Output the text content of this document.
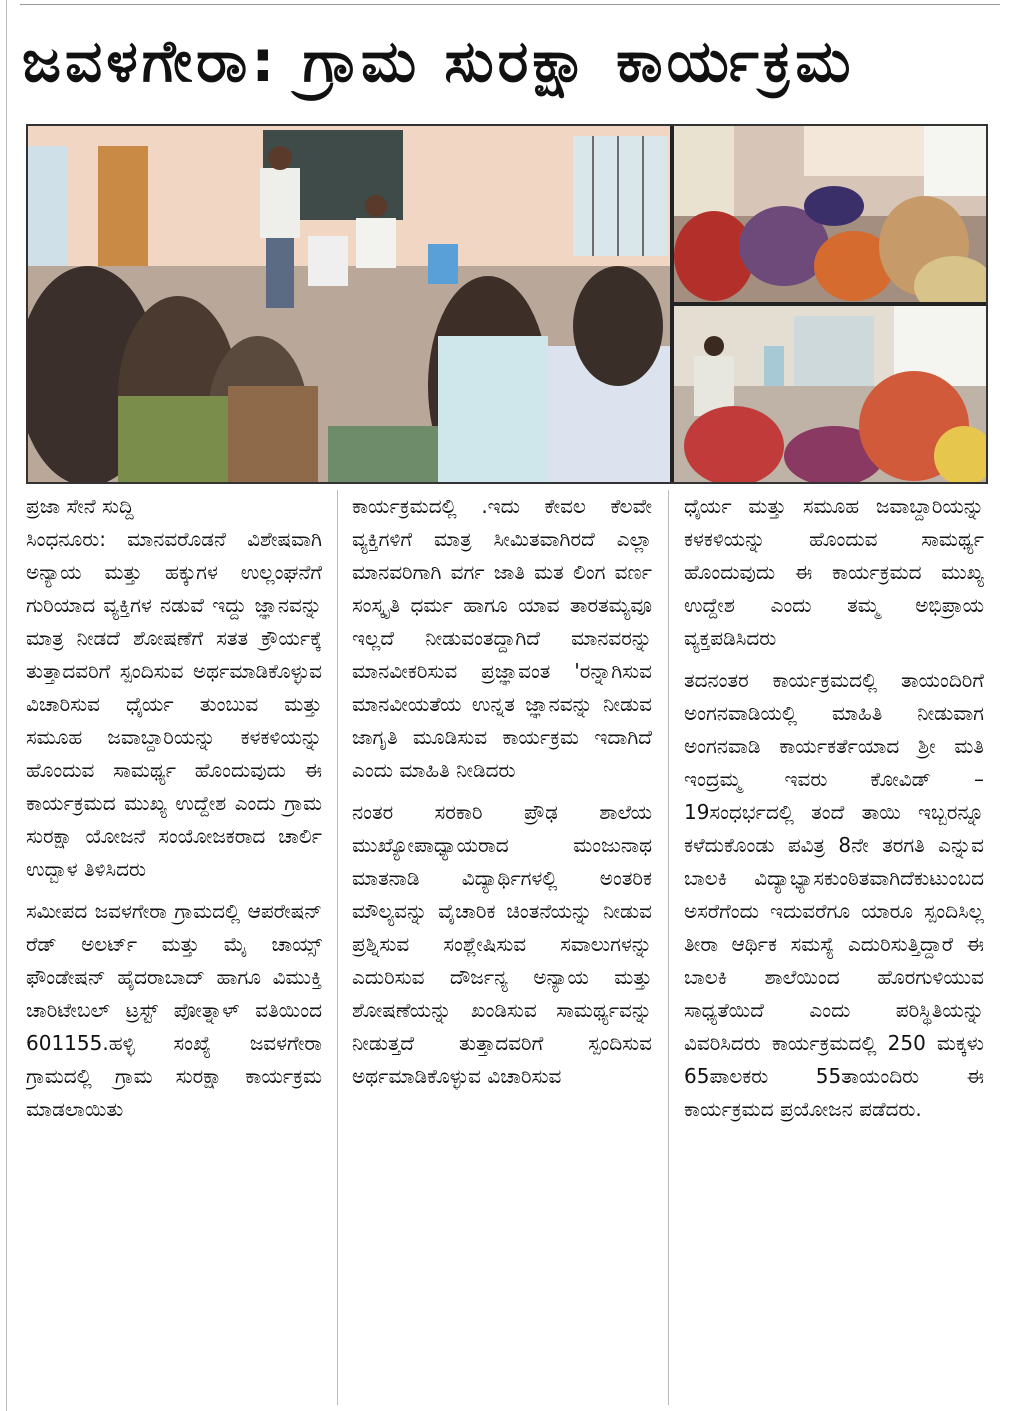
ಜವಳಗೇರಾ: ಗ್ರಾಮ ಸುರಕ್ಷಾ ಕಾರ್ಯಕ್ರಮ

ಪ್ರಜಾ ಸೇನೆ ಸುದ್ದಿ
ಸಿಂಧನೂರು: ಮಾನವರೊಡನೆ ವಿಶೇಷವಾಗಿ ಅನ್ಯಾಯ ಮತ್ತು ಹಕ್ಕುಗಳ ಉಲ್ಲಂಘನೆಗೆ ಗುರಿಯಾದ ವ್ಯಕ್ತಿಗಳ ನಡುವೆ ಇದ್ದು ಜ್ಞಾನವನ್ನು ಮಾತ್ರ ನೀಡದೆ ಶೋಷಣೆಗೆ ಸತತ ಕ್ರೌರ್ಯಕ್ಕೆ ತುತ್ತಾದವರಿಗೆ ಸ್ಪಂದಿಸುವ ಅರ್ಥಮಾಡಿಕೊಳ್ಳುವ ವಿಚಾರಿಸುವ ಧೈರ್ಯ ತುಂಬುವ ಮತ್ತು ಸಮೂಹ ಜವಾಬ್ದಾರಿಯನ್ನು ಕಳಕಳಿಯನ್ನು ಹೊಂದುವ ಸಾಮರ್ಥ್ಯ ಹೊಂದುವುದು ಈ ಕಾರ್ಯಕ್ರಮದ ಮುಖ್ಯ ಉದ್ದೇಶ ಎಂದು ಗ್ರಾಮ ಸುರಕ್ಷಾ ಯೋಜನೆ ಸಂಯೋಜಕರಾದ ಚಾರ್ಲಿ ಉದ್ಬಾಳ ತಿಳಿಸಿದರು

ಸಮೀಪದ ಜವಳಗೇರಾ ಗ್ರಾಮದಲ್ಲಿ ಆಪರೇಷನ್ ರೆಡ್ ಅಲರ್ಟ್ ಮತ್ತು ಮೈ ಚಾಯ್ಸ್ ಫೌಂಡೇಷನ್ ಹೈದರಾಬಾದ್ ಹಾಗೂ ವಿಮುಕ್ತಿ ಚಾರಿಟೇಬಲ್ ಟ್ರಸ್ಟ್ ಪೋತ್ನಾಳ್ ವತಿಯಿಂದ 601155.ಹಳ್ಳಿ ಸಂಖ್ಯೆ ಜವಳಗೇರಾ ಗ್ರಾಮದಲ್ಲಿ ಗ್ರಾಮ ಸುರಕ್ಷಾ ಕಾರ್ಯಕ್ರಮ ಮಾಡಲಾಯಿತು

ಕಾರ್ಯಕ್ರಮದಲ್ಲಿ .ಇದು ಕೇವಲ ಕೆಲವೇ ವ್ಯಕ್ತಿಗಳಿಗೆ ಮಾತ್ರ ಸೀಮಿತವಾಗಿರದೆ ಎಲ್ಲಾ ಮಾನವರಿಗಾಗಿ ವರ್ಗ ಜಾತಿ ಮತ ಲಿಂಗ ವರ್ಣ ಸಂಸ್ಕೃತಿ ಧರ್ಮ ಹಾಗೂ ಯಾವ ತಾರತಮ್ಯವೂ ಇಲ್ಲದೆ ನೀಡುವಂತದ್ದಾಗಿದೆ ಮಾನವರನ್ನು ಮಾನವೀಕರಿಸುವ ಪ್ರಜ್ಞಾವಂತ 'ರನ್ನಾಗಿಸುವ ಮಾನವೀಯತೆಯ ಉನ್ನತ ಜ್ಞಾನವನ್ನು ನೀಡುವ ಜಾಗೃತಿ ಮೂಡಿಸುವ ಕಾರ್ಯಕ್ರಮ ಇದಾಗಿದೆ ಎಂದು ಮಾಹಿತಿ ನೀಡಿದರು

ನಂತರ ಸರಕಾರಿ ಪ್ರೌಢ ಶಾಲೆಯ ಮುಖ್ಯೋಪಾಧ್ಯಾಯರಾದ ಮಂಜುನಾಥ ಮಾತನಾಡಿ ವಿದ್ಯಾರ್ಥಿಗಳಲ್ಲಿ ಅಂತರಿಕ ಮೌಲ್ಯವನ್ನು ವೈಚಾರಿಕ ಚಿಂತನೆಯನ್ನು ನೀಡುವ ಪ್ರಶ್ನಿಸುವ ಸಂಶ್ಲೇಷಿಸುವ ಸವಾಲುಗಳನ್ನು ಎದುರಿಸುವ ದೌರ್ಜನ್ಯ ಅನ್ಯಾಯ ಮತ್ತು ಶೋಷಣೆಯನ್ನು ಖಂಡಿಸುವ ಸಾಮರ್ಥ್ಯವನ್ನು ನೀಡುತ್ತದೆ ತುತ್ತಾದವರಿಗೆ ಸ್ಪಂದಿಸುವ ಅರ್ಥಮಾಡಿಕೊಳ್ಳುವ ವಿಚಾರಿಸುವ

ಧೈರ್ಯ ಮತ್ತು ಸಮೂಹ ಜವಾಬ್ದಾರಿಯನ್ನು ಕಳಕಳಿಯನ್ನು ಹೊಂದುವ ಸಾಮರ್ಥ್ಯ ಹೊಂದುವುದು ಈ ಕಾರ್ಯಕ್ರಮದ ಮುಖ್ಯ ಉದ್ದೇಶ ಎಂದು ತಮ್ಮ ಅಭಿಪ್ರಾಯ ವ್ಯಕ್ತಪಡಿಸಿದರು

ತದನಂತರ ಕಾರ್ಯಕ್ರಮದಲ್ಲಿ ತಾಯಂದಿರಿಗೆ ಅಂಗನವಾಡಿಯಲ್ಲಿ ಮಾಹಿತಿ ನೀಡುವಾಗ ಅಂಗನವಾಡಿ ಕಾರ್ಯಕರ್ತೆಯಾದ ಶ್ರೀ ಮತಿ ಇಂದ್ರಮ್ಮ ಇವರು ಕೋವಿಡ್ – 19ಸಂಧರ್ಭದಲ್ಲಿ ತಂದೆ ತಾಯಿ ಇಬ್ಬರನ್ನೂ ಕಳೆದುಕೊಂಡು ಪವಿತ್ರ 8ನೇ ತರಗತಿ ಎನ್ನುವ ಬಾಲಕಿ ವಿದ್ಯಾಭ್ಯಾಸಕುಂಠಿತವಾಗಿದೆಕುಟುಂಬದ ಅಸರೆಗೆಂದು ಇದುವರೆಗೂ ಯಾರೂ ಸ್ಪಂದಿಸಿಲ್ಲ ತೀರಾ ಆರ್ಥಿಕ ಸಮಸ್ಯೆ ಎದುರಿಸುತ್ತಿದ್ದಾರೆ ಈ ಬಾಲಕಿ ಶಾಲೆಯಿಂದ ಹೊರಗುಳಿಯುವ ಸಾಧ್ಯತೆಯಿದೆ ಎಂದು ಪರಿಸ್ಥಿತಿಯನ್ನು ವಿವರಿಸಿದರು ಕಾರ್ಯಕ್ರಮದಲ್ಲಿ 250 ಮಕ್ಕಳು 65ಪಾಲಕರು 55ತಾಯಂದಿರು ಈ ಕಾರ್ಯಕ್ರಮದ ಪ್ರಯೋಜನ ಪಡೆದರು.
